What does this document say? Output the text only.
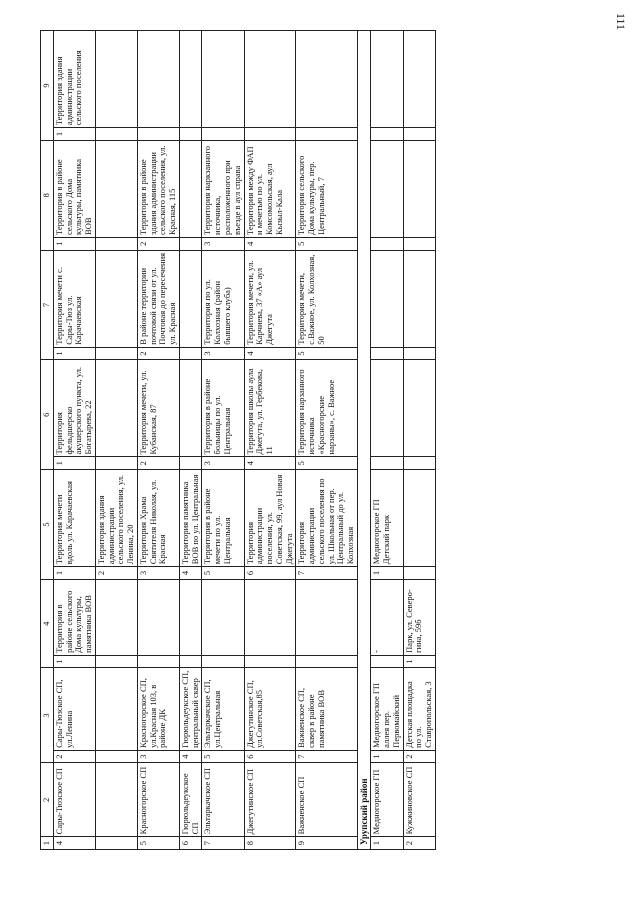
111
1	2	3		4		5		6		7		8		9	
4	Сары-Тюзское СП	2	Сары-Тюзское СП, ул.Ленина	1	Территория в районе сельского Дома культуры, памятника ВОВ	1	Территория мечети вдоль ул. Карачаевская	1	Территория фельдшерско акушерского пункта, ул. Богатырева, 22	1	Территория мечети с. Сары-Тюз ул. Карачаевская	1	Территория в районе сельского Дома культуры, памятника ВОВ	1	Территория здания администрации сельского поселения
						2	Территория здания администрации сельского поселения, ул. Ленина, 20								
5	Красногорское СП	3	Красногорское СП, ул.Красная 103, в районе ДК			3	Территория Храма Святителя Николая, ул. Красная	2	Территория мечети, ул. Кубанская, 87	2	В районе территории почтовой связи от ул. Почтовая до пересечения ул. Красная	2	Территория в районе здания администрации сельского поселения, ул. Красная, 115		
6	Гюрюльдеукское СП	4	Гюрюльдеукское СП, центральный сквер			4	Территория памятника ВОВ по ул. Центральная								
7	Эльтаркачское СП	5	Эльтаркачское СП, ул.Центральная			5	Территория в районе мечети по ул. Центральная	3	Территория в районе больницы по ул. Центральная	3	Территория по ул. Колхозная (район бывшего клуба)	3	Территория наркзанного источника, расположенного при въезде в аул справа		
8	Джегутинское СП	6	Джегутинское СП, ул.Советская,85			6	Территория администрации поселения, ул. Советская, 99, аул Новая Джегута	4	Территория школы аула Джегута, ул. Гербекова, 11	4	Территория мечети, ул. Карчиева, 37 «А» аул Джегута	4	Территория между ФАП и мечетью по ул. Комсомольская, аул Кызыл-Кала		
9	Важненское СП	7	Важненское СП, сквер в районе памятника ВОВ			7	Территория администрации сельского поселения по ул. Школьная от пер. Центральный до ул. Колхозная	5	Территория нарзанного источника «Красногорские нарзаны», с. Важное	5	Территория мечети, с.Важное, ул. Колхозная, 50	5	Территория сельского Дома культуры, пер. Центральный, 7		
Урупский район															
1	Медногорское ГП	1	Медногорское ГП аллея пер. Первомайский		-	1	Медногорское ГП Детский парк								
2	Кужжиновское СП	2	Детская площадка по ул. Ставропольская, 3	1	Парк, ул. Северо-гина, 59б										
